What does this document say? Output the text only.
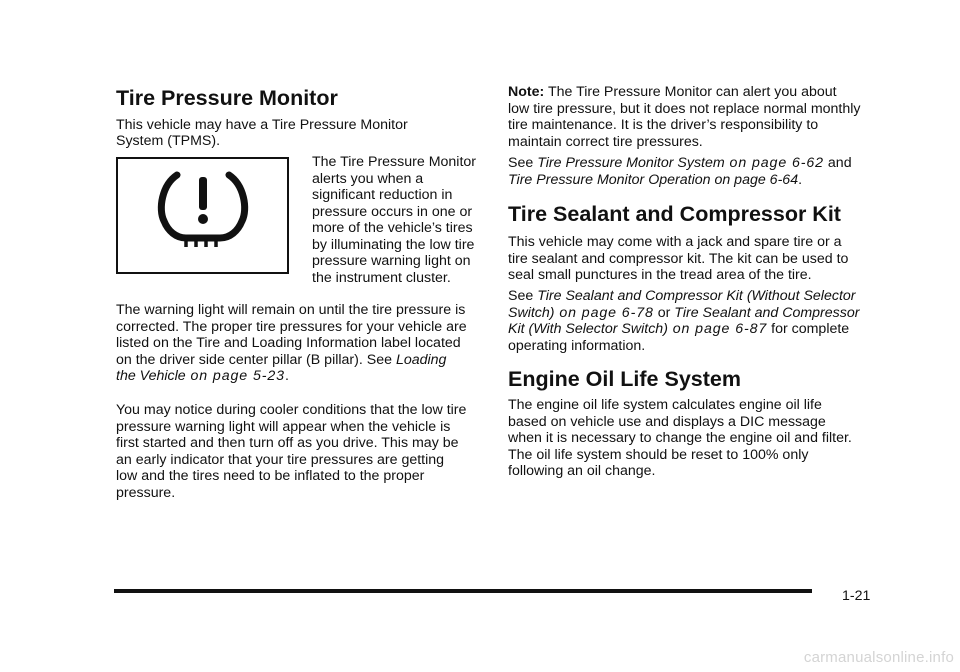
Tire Pressure Monitor

This vehicle may have a Tire Pressure Monitor

System (TPMS).

The Tire Pressure Monitor

alerts you when a

significant reduction in

pressure occurs in one or

more of the vehicle’s tires

by illuminating the low tire

pressure warning light on

the instrument cluster.

The warning light will remain on until the tire pressure is

corrected. The proper tire pressures for your vehicle are

listed on the Tire and Loading Information label located

on the driver side center pillar (B pillar). See Loading

the Vehicle on page 5‑23.

You may notice during cooler conditions that the low tire

pressure warning light will appear when the vehicle is

first started and then turn off as you drive. This may be

an early indicator that your tire pressures are getting

low and the tires need to be inflated to the proper

pressure.

Note: The Tire Pressure Monitor can alert you about

low tire pressure, but it does not replace normal monthly

tire maintenance. It is the driver’s responsibility to

maintain correct tire pressures.

See Tire Pressure Monitor System on page 6‑62 and

Tire Pressure Monitor Operation on page 6‑64.

Tire Sealant and Compressor Kit

This vehicle may come with a jack and spare tire or a

tire sealant and compressor kit. The kit can be used to

seal small punctures in the tread area of the tire.

See Tire Sealant and Compressor Kit (Without Selector

Switch) on page 6‑78 or Tire Sealant and Compressor

Kit (With Selector Switch) on page 6‑87 for complete

operating information.

Engine Oil Life System

The engine oil life system calculates engine oil life

based on vehicle use and displays a DIC message

when it is necessary to change the engine oil and filter.

The oil life system should be reset to 100% only

following an oil change.

1-21
carmanualsonline.info
